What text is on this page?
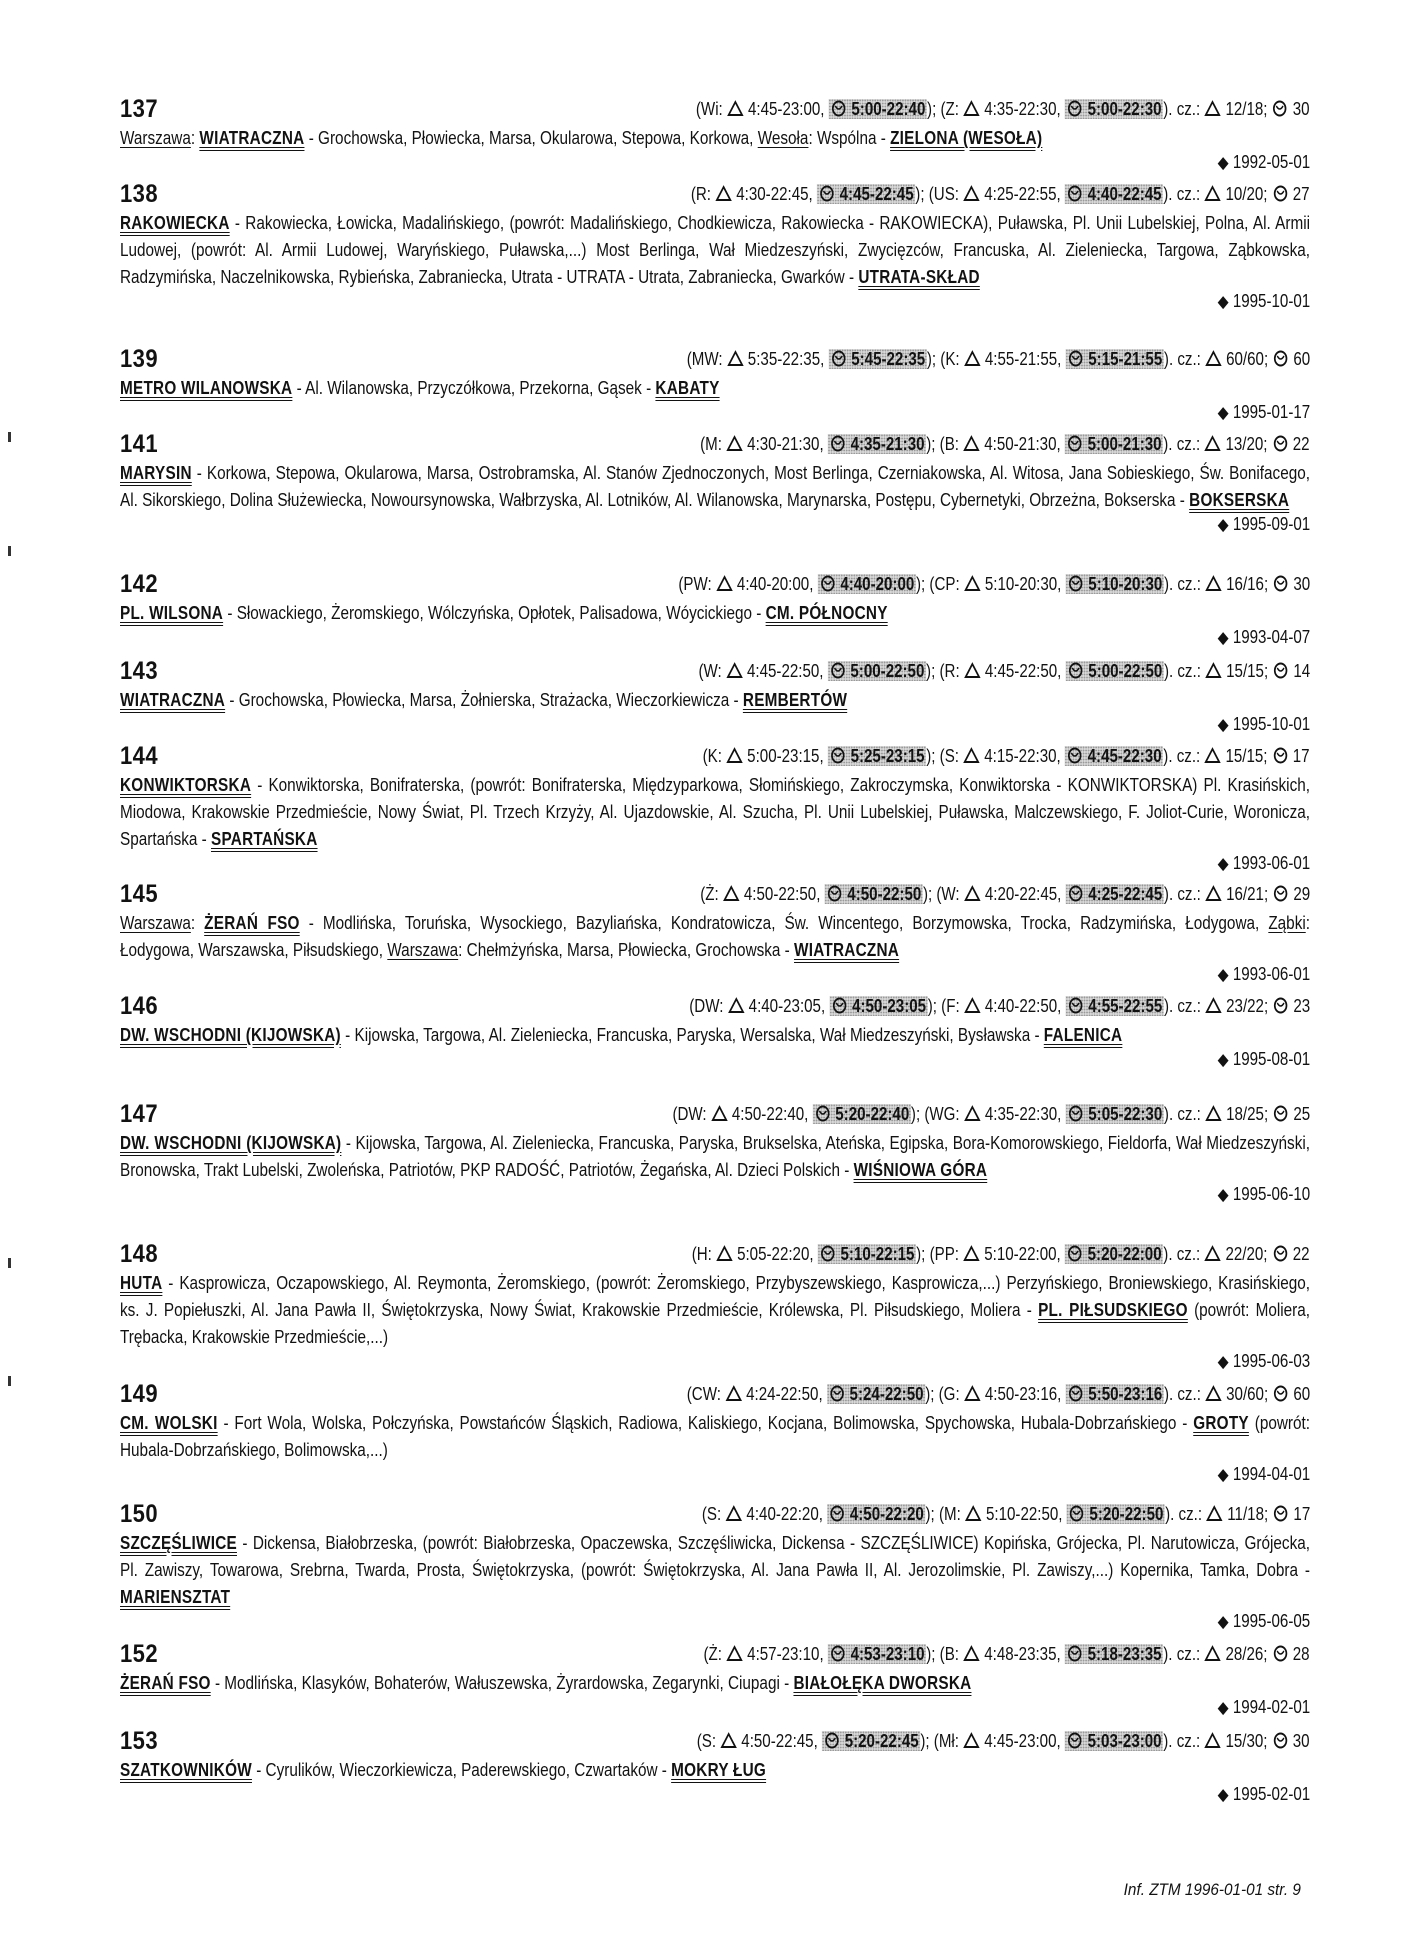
137	(Wi: 4:45-23:00, 5:00-22:40); (Z: 4:35-22:30, 5:00-22:30). cz.: 12/18; 30
Warszawa: WIATRACZNA - Grochowska, Płowiecka, Marsa, Okularowa, Stepowa, Korkowa, Wesoła: Wspólna - ZIELONA (WESOŁA)
◆ 1992-05-01
138	(R: 4:30-22:45, 4:45-22:45); (US: 4:25-22:55, 4:40-22:45). cz.: 10/20; 27
RAKOWIECKA - Rakowiecka, Łowicka, Madalińskiego, (powrót: Madalińskiego, Chodkiewicza, Rakowiecka - RAKOWIECKA), Puławska, Pl. Unii Lubelskiej, Polna, Al. Armii Ludowej, (powrót: Al. Armii Ludowej, Waryńskiego, Puławska,...) Most Berlinga, Wał Miedzeszyński, Zwycięzców, Francuska, Al. Zieleniecka, Targowa, Ząbkowska, Radzymińska, Naczelnikowska, Rybieńska, Zabraniecka, Utrata - UTRATA - Utrata, Zabraniecka, Gwarków - UTRATA-SKŁAD
◆ 1995-10-01
139	(MW: 5:35-22:35, 5:45-22:35); (K: 4:55-21:55, 5:15-21:55). cz.: 60/60; 60
METRO WILANOWSKA - Al. Wilanowska, Przyczółkowa, Przekorna, Gąsek - KABATY
◆ 1995-01-17
141	(M: 4:30-21:30, 4:35-21:30); (B: 4:50-21:30, 5:00-21:30). cz.: 13/20; 22
MARYSIN - Korkowa, Stepowa, Okularowa, Marsa, Ostrobramska, Al. Stanów Zjednoczonych, Most Berlinga, Czerniakowska, Al. Witosa, Jana Sobieskiego, Św. Bonifacego, Al. Sikorskiego, Dolina Służewiecka, Nowoursynowska, Wałbrzyska, Al. Lotników, Al. Wilanowska, Marynarska, Postępu, Cybernetyki, Obrzeżna, Bokserska - BOKSERSKA
◆ 1995-09-01
142	(PW: 4:40-20:00, 4:40-20:00); (CP: 5:10-20:30, 5:10-20:30). cz.: 16/16; 30
PL. WILSONA - Słowackiego, Żeromskiego, Wólczyńska, Opłotek, Palisadowa, Wóycickiego - CM. PÓŁNOCNY
◆ 1993-04-07
143	(W: 4:45-22:50, 5:00-22:50); (R: 4:45-22:50, 5:00-22:50). cz.: 15/15; 14
WIATRACZNA - Grochowska, Płowiecka, Marsa, Żołnierska, Strażacka, Wieczorkiewicza - REMBERTÓW
◆ 1995-10-01
144	(K: 5:00-23:15, 5:25-23:15); (S: 4:15-22:30, 4:45-22:30). cz.: 15/15; 17
KONWIKTORSKA - Konwiktorska, Bonifraterska, (powrót: Bonifraterska, Międzyparkowa, Słomińskiego, Zakroczymska, Konwiktorska - KONWIKTORSKA) Pl. Krasińskich, Miodowa, Krakowskie Przedmieście, Nowy Świat, Pl. Trzech Krzyży, Al. Ujazdowskie, Al. Szucha, Pl. Unii Lubelskiej, Puławska, Malczewskiego, F. Joliot-Curie, Woronicza, Spartańska - SPARTAŃSKA
◆ 1993-06-01
145	(Ż: 4:50-22:50, 4:50-22:50); (W: 4:20-22:45, 4:25-22:45). cz.: 16/21; 29
Warszawa: ŻERAŃ FSO - Modlińska, Toruńska, Wysockiego, Bazyliańska, Kondratowicza, Św. Wincentego, Borzymowska, Trocka, Radzymińska, Łodygowa, Ząbki: Łodygowa, Warszawska, Piłsudskiego, Warszawa: Chełmżyńska, Marsa, Płowiecka, Grochowska - WIATRACZNA
◆ 1993-06-01
146	(DW: 4:40-23:05, 4:50-23:05); (F: 4:40-22:50, 4:55-22:55). cz.: 23/22; 23
DW. WSCHODNI (KIJOWSKA) - Kijowska, Targowa, Al. Zieleniecka, Francuska, Paryska, Wersalska, Wał Miedzeszyński, Bysławska - FALENICA
◆ 1995-08-01
147	(DW: 4:50-22:40, 5:20-22:40); (WG: 4:35-22:30, 5:05-22:30). cz.: 18/25; 25
DW. WSCHODNI (KIJOWSKA) - Kijowska, Targowa, Al. Zieleniecka, Francuska, Paryska, Brukselska, Ateńska, Egipska, Bora-Komorowskiego, Fieldorfa, Wał Miedzeszyński, Bronowska, Trakt Lubelski, Zwoleńska, Patriotów, PKP RADOŚĆ, Patriotów, Żegańska, Al. Dzieci Polskich - WIŚNIOWA GÓRA
◆ 1995-06-10
148	(H: 5:05-22:20, 5:10-22:15); (PP: 5:10-22:00, 5:20-22:00). cz.: 22/20; 22
HUTA - Kasprowicza, Oczapowskiego, Al. Reymonta, Żeromskiego, (powrót: Żeromskiego, Przybyszewskiego, Kasprowicza,...) Perzyńskiego, Broniewskiego, Krasińskiego, ks. J. Popiełuszki, Al. Jana Pawła II, Świętokrzyska, Nowy Świat, Krakowskie Przedmieście, Królewska, Pl. Piłsudskiego, Moliera - PL. PIŁSUDSKIEGO (powrót: Moliera, Trębacka, Krakowskie Przedmieście,...)
◆ 1995-06-03
149	(CW: 4:24-22:50, 5:24-22:50); (G: 4:50-23:16, 5:50-23:16). cz.: 30/60; 60
CM. WOLSKI - Fort Wola, Wolska, Połczyńska, Powstańców Śląskich, Radiowa, Kaliskiego, Kocjana, Bolimowska, Spychowska, Hubala-Dobrzańskiego - GROTY (powrót: Hubala-Dobrzańskiego, Bolimowska,...)
◆ 1994-04-01
150	(S: 4:40-22:20, 4:50-22:20); (M: 5:10-22:50, 5:20-22:50). cz.: 11/18; 17
SZCZĘŚLIWICE - Dickensa, Białobrzeska, (powrót: Białobrzeska, Opaczewska, Szczęśliwicka, Dickensa - SZCZĘŚLIWICE) Kopińska, Grójecka, Pl. Narutowicza, Grójecka, Pl. Zawiszy, Towarowa, Srebrna, Twarda, Prosta, Świętokrzyska, (powrót: Świętokrzyska, Al. Jana Pawła II, Al. Jerozolimskie, Pl. Zawiszy,...) Kopernika, Tamka, Dobra - MARIENSZTAT
◆ 1995-06-05
152	(Ż: 4:57-23:10, 4:53-23:10); (B: 4:48-23:35, 5:18-23:35). cz.: 28/26; 28
ŻERAŃ FSO - Modlińska, Klasyków, Bohaterów, Wałuszewska, Żyrardowska, Zegarynki, Ciupagi - BIAŁOŁĘKA DWORSKA
◆ 1994-02-01
153	(S: 4:50-22:45, 5:20-22:45); (Mł: 4:45-23:00, 5:03-23:00). cz.: 15/30; 30
SZATKOWNIKÓW - Cyrulików, Wieczorkiewicza, Paderewskiego, Czwartaków - MOKRY ŁUG
◆ 1995-02-01
Inf. ZTM 1996-01-01 str. 9
